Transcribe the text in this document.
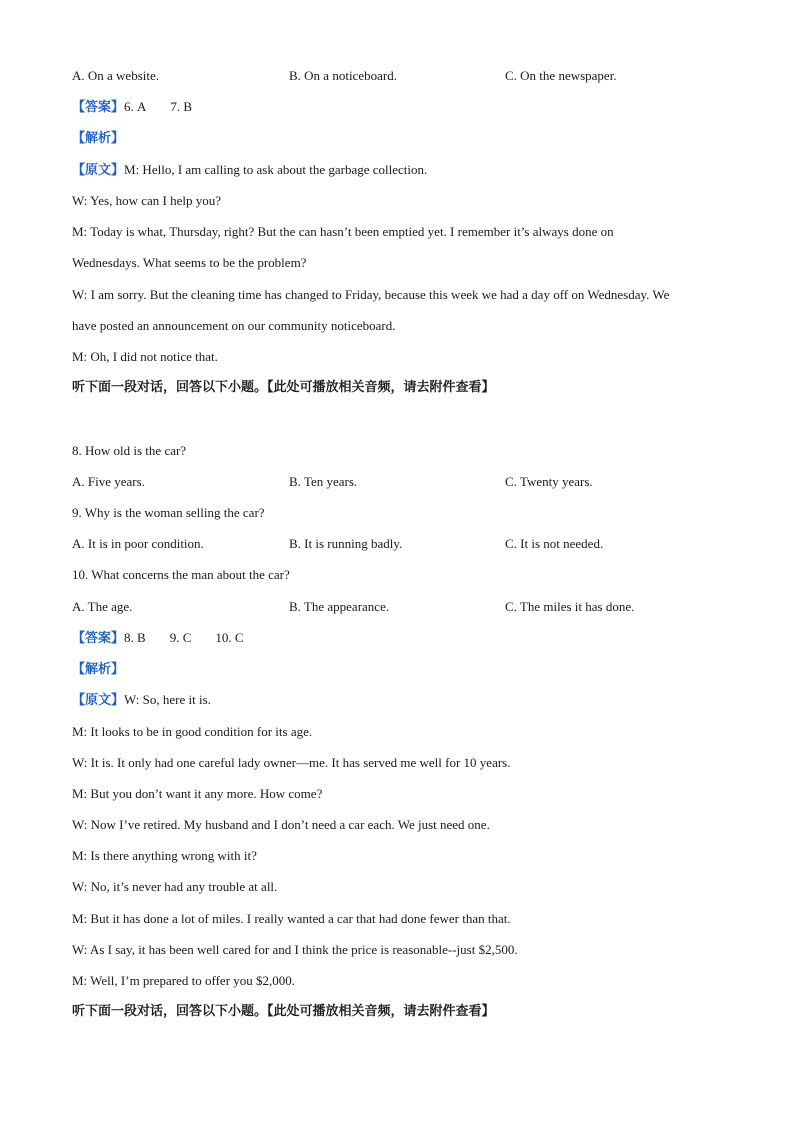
A. On a website.	B. On a noticeboard.	C. On the newspaper.
【答案】6. A 7. B
【解析】
【原文】M: Hello, I am calling to ask about the garbage collection.
W: Yes, how can I help you?
M: Today is what, Thursday, right? But the can hasn’t been emptied yet. I remember it’s always done on
Wednesdays. What seems to be the problem?
W: I am sorry. But the cleaning time has changed to Friday, because this week we had a day off on Wednesday. We
have posted an announcement on our community noticeboard.
M: Oh, I did not notice that.
听下面一段对话，回答以下小题。【此处可播放相关音频，请去附件查看】
8. How old is the car?
A. Five years.	B. Ten years.	C. Twenty years.
9. Why is the woman selling the car?
A. It is in poor condition.	B. It is running badly.	C. It is not needed.
10. What concerns the man about the car?
A. The age.	B. The appearance.	C. The miles it has done.
【答案】8. B 9. C 10. C
【解析】
【原文】W: So, here it is.
M: It looks to be in good condition for its age.
W: It is. It only had one careful lady owner—me. It has served me well for 10 years.
M: But you don’t want it any more. How come?
W: Now I’ve retired. My husband and I don’t need a car each. We just need one.
M: Is there anything wrong with it?
W: No, it’s never had any trouble at all.
M: But it has done a lot of miles. I really wanted a car that had done fewer than that.
W: As I say, it has been well cared for and I think the price is reasonable--just $2,500.
M: Well, I’m prepared to offer you $2,000.
听下面一段对话，回答以下小题。【此处可播放相关音频，请去附件查看】
